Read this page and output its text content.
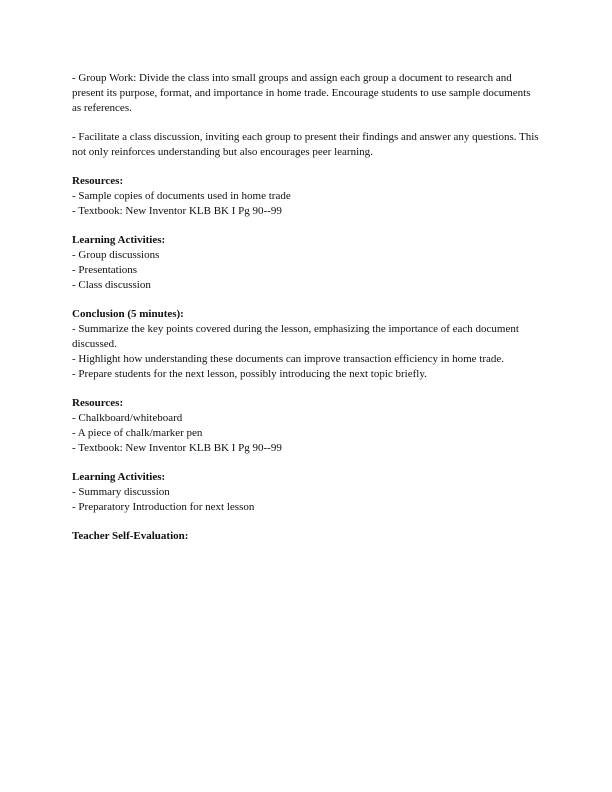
- Group Work: Divide the class into small groups and assign each group a document to research and present its purpose, format, and importance in home trade. Encourage students to use sample documents as references.

- Facilitate a class discussion, inviting each group to present their findings and answer any questions. This not only reinforces understanding but also encourages peer learning.

Resources:

- Sample copies of documents used in home trade

- Textbook: New Inventor KLB BK I Pg 90--99

Learning Activities:

- Group discussions

- Presentations

- Class discussion

Conclusion (5 minutes):

- Summarize the key points covered during the lesson, emphasizing the importance of each document discussed.

- Highlight how understanding these documents can improve transaction efficiency in home trade.

- Prepare students for the next lesson, possibly introducing the next topic briefly.

Resources:

- Chalkboard/whiteboard

- A piece of chalk/marker pen

- Textbook: New Inventor KLB BK I Pg 90--99

Learning Activities:

- Summary discussion

- Preparatory Introduction for next lesson

Teacher Self-Evaluation:
